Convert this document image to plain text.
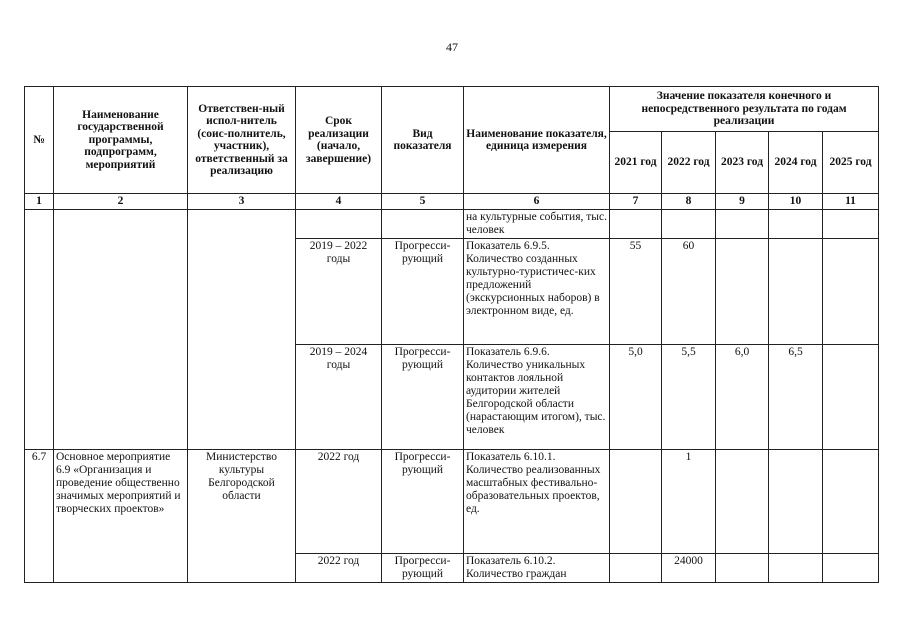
47
№	Наименование государственной программы, подпрограмм, мероприятий	Ответствен-ный испол-нитель (соис-полнитель, участник), ответственный за реализацию	Срок реализации (начало, завершение)	Вид показателя	Наименование показателя, единица измерения	Значение показателя конечного и непосредственного результата по годам реализации				
						2021 год	2022 год	2023 год	2024 год	2025 год
1	2	3	4	5	6	7	8	9	10	11
					на культурные события, тыс. человек					
			2019 – 2022 годы	Прогресси-рующий	Показатель 6.9.5. Количество созданных культурно-туристичес-ких предложений (экскурсионных наборов) в электронном виде, ед.	55	60			
			2019 – 2024 годы	Прогресси-рующий	Показатель 6.9.6. Количество уникальных контактов лояльной аудитории жителей Белгородской области (нарастающим итогом), тыс. человек	5,0	5,5	6,0	6,5	
6.7	Основное мероприятие 6.9 «Организация и проведение общественно значимых мероприятий и творческих проектов»	Министерство культуры Белгородской области	2022 год	Прогресси-рующий	Показатель 6.10.1. Количество реализованных масштабных фестивально-образовательных проектов, ед.		1			
			2022 год	Прогресси-рующий	Показатель 6.10.2. Количество граждан		24000			
